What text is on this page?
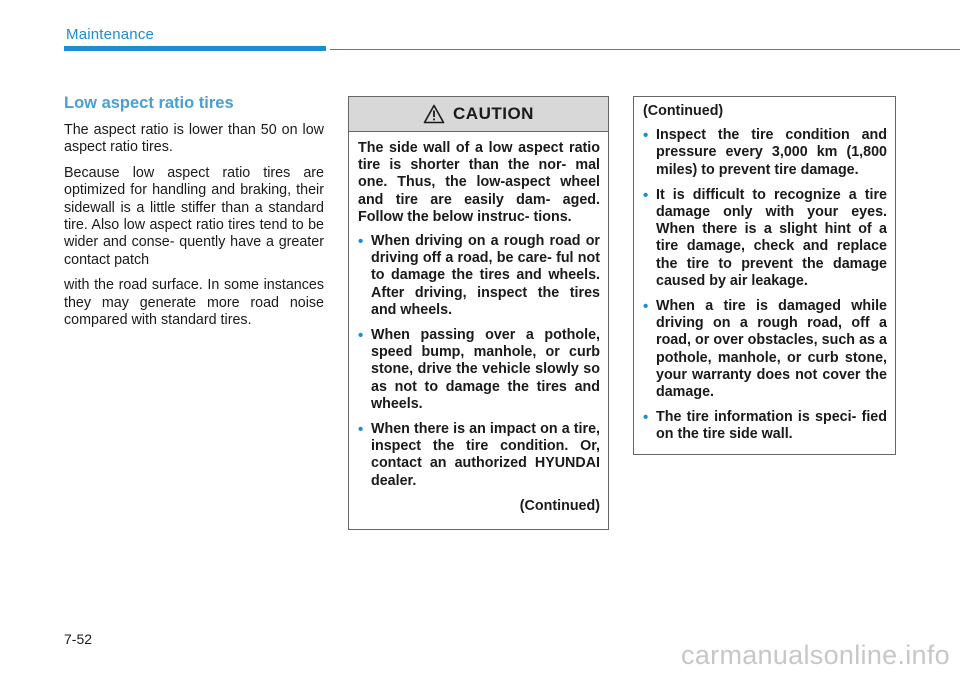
Maintenance
Low aspect ratio tires

The aspect ratio is lower than 50 on low aspect ratio tires.

Because low aspect ratio tires are optimized for handling and braking, their sidewall is a little stiffer than a standard tire. Also low aspect ratio tires tend to be wider and conse- quently have a greater contact patch

with the road surface. In some instances they may generate more road noise compared with standard tires.

CAUTION

The side wall of a low aspect ratio tire is shorter than the nor- mal one. Thus, the low-aspect wheel and tire are easily dam- aged. Follow the below instruc- tions.

• When driving on a rough road or driving off a road, be care- ful not to damage the tires and wheels. After driving, inspect the tires and wheels.
• When passing over a pothole, speed bump, manhole, or curb stone, drive the vehicle slowly so as not to damage the tires and wheels.
• When there is an impact on a tire, inspect the tire condition. Or, contact an authorized HYUNDAI dealer.
(Continued)

(Continued)

• Inspect the tire condition and pressure every 3,000 km (1,800 miles) to prevent tire damage.
• It is difficult to recognize a tire damage only with your eyes. When there is a slight hint of a tire damage, check and replace the tire to prevent the damage caused by air leakage.
• When a tire is damaged while driving on a rough road, off a road, or over obstacles, such as a pothole, manhole, or curb stone, your warranty does not cover the damage.
• The tire information is speci- fied on the tire side wall.
7-52
carmanualsonline.info
